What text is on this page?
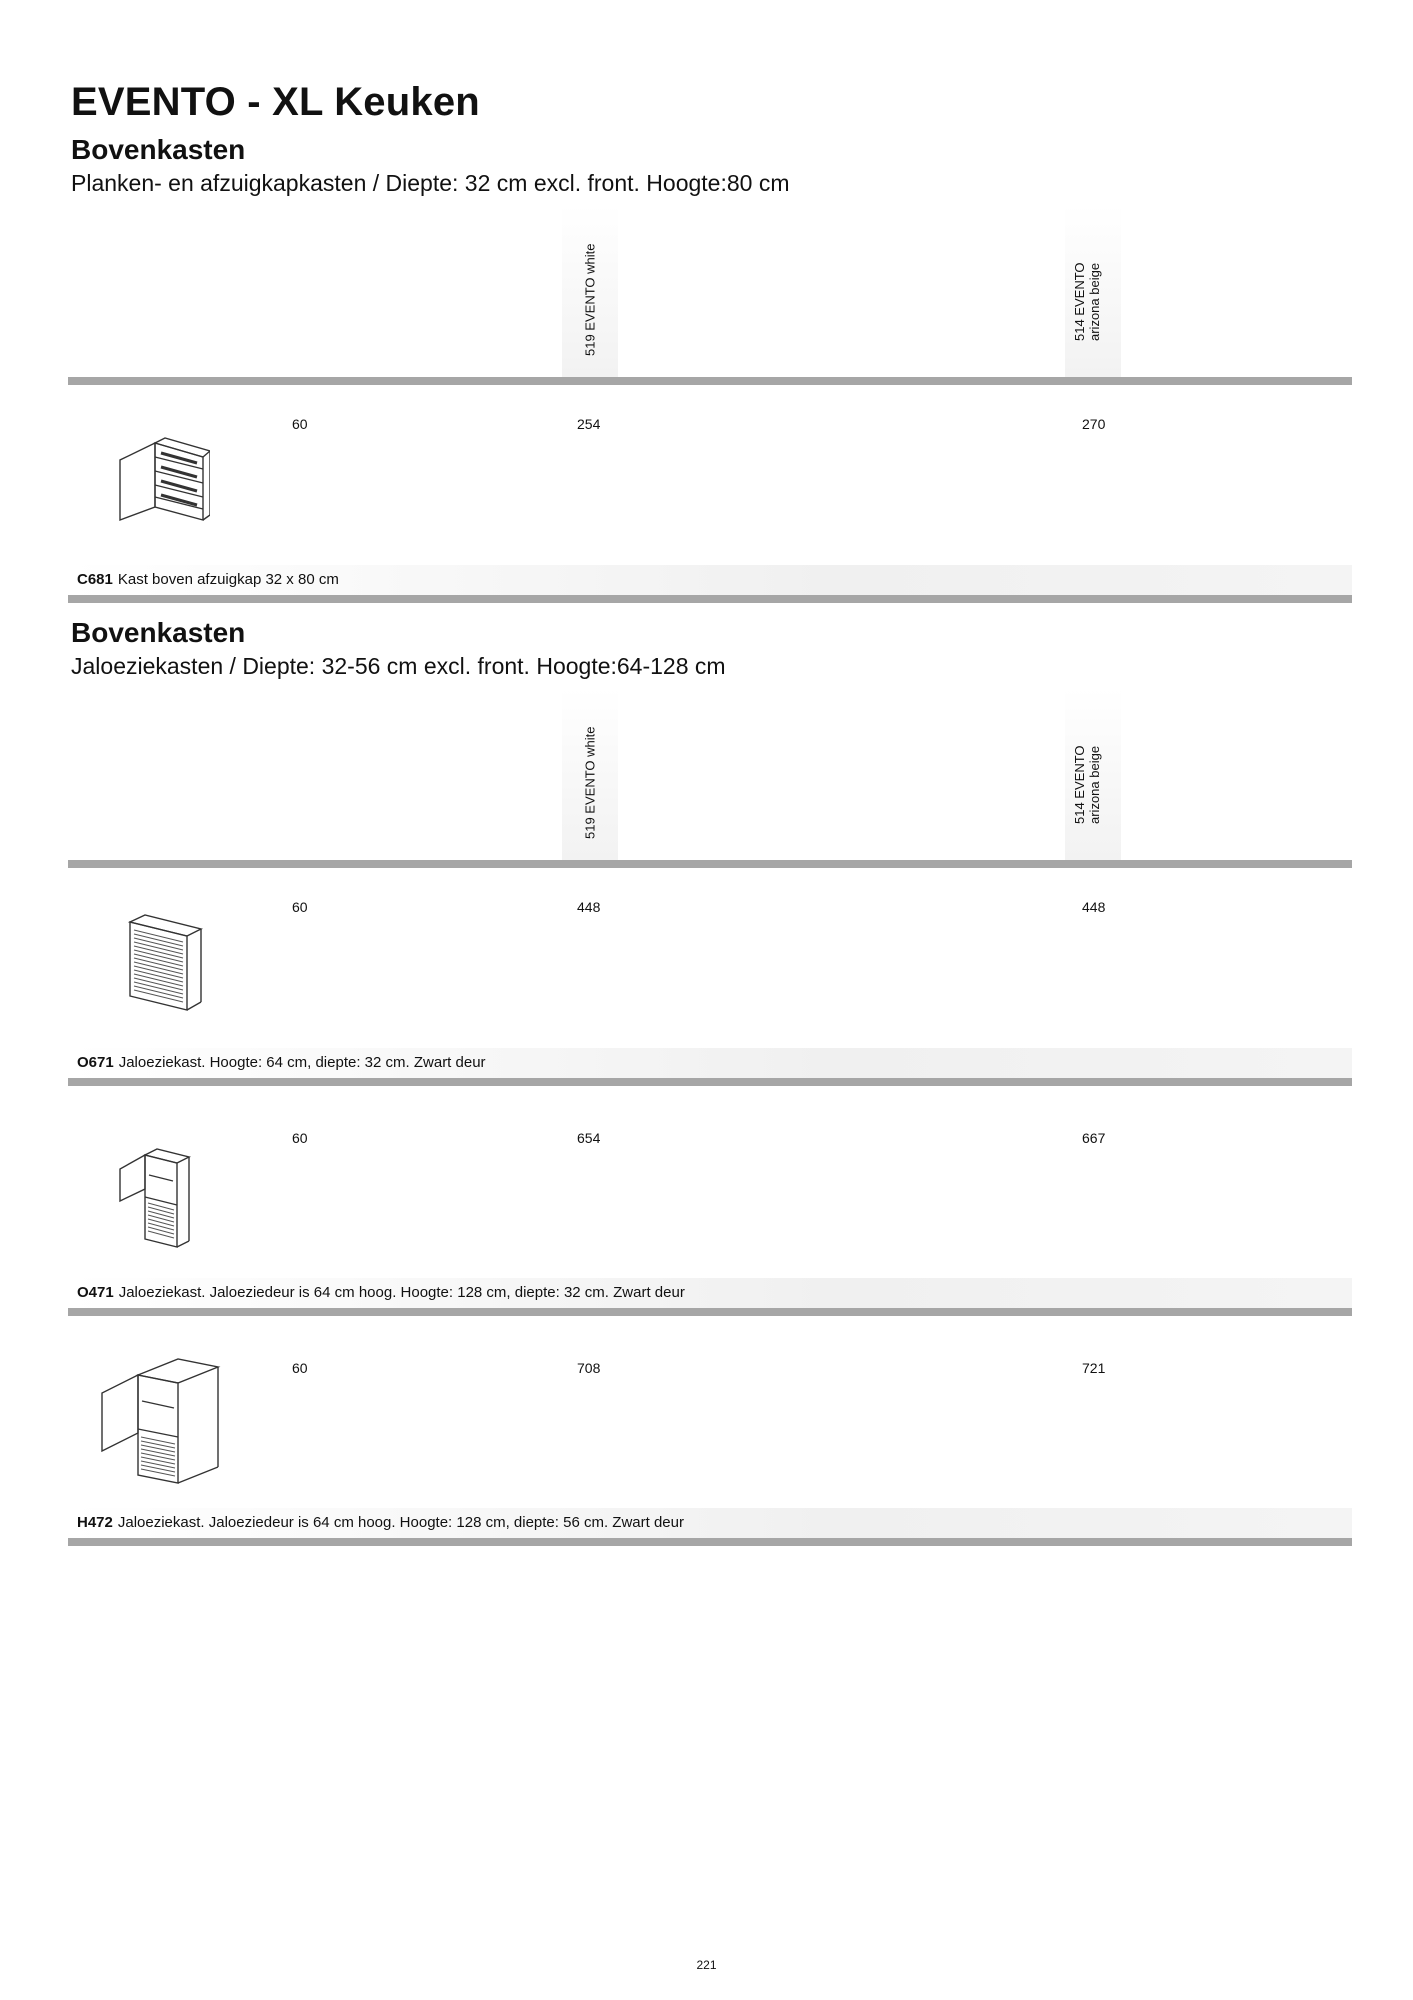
EVENTO - XL Keuken
Bovenkasten
Planken- en afzuigkapkasten / Diepte: 32 cm excl. front. Hoogte:80 cm
519 EVENTO white	514 EVENTO arizona beige
60	254	270
C681 Kast boven afzuigkap 32 x 80 cm
Bovenkasten
Jaloeziekasten / Diepte: 32-56 cm excl. front. Hoogte:64-128 cm
519 EVENTO white	514 EVENTO arizona beige
60	448	448
O671 Jaloeziekast. Hoogte: 64 cm, diepte: 32 cm. Zwart deur
60	654	667
O471 Jaloeziekast. Jaloeziedeur is 64 cm hoog. Hoogte: 128 cm, diepte: 32 cm. Zwart deur
60	708	721
H472 Jaloeziekast. Jaloeziedeur is 64 cm hoog. Hoogte: 128 cm, diepte: 56 cm. Zwart deur
221
